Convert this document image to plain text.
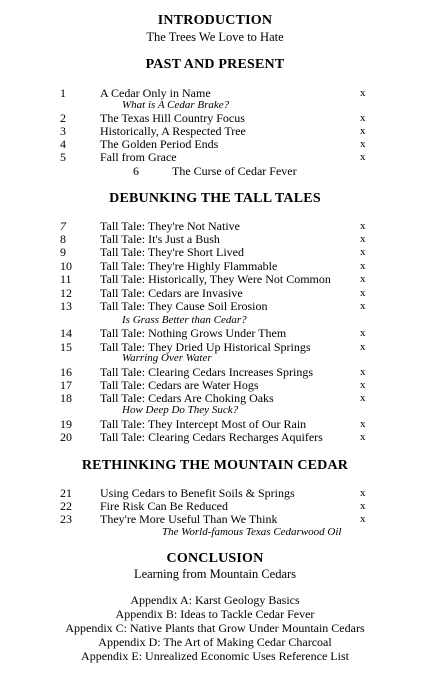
INTRODUCTION
The Trees We Love to Hate
PAST AND PRESENT
1	A Cedar Only in Name	x
What is A Cedar Brake?
2	The Texas Hill Country Focus	x
3	Historically, A Respected Tree	x
4	The Golden Period Ends	x
5	Fall from Grace	x
6	The Curse of Cedar Fever
DEBUNKING THE TALL TALES
7	Tall Tale: They're Not Native	x
8	Tall Tale: It's Just a Bush	x
9	Tall Tale: They're Short Lived	x
10 Tall Tale: They're Highly Flammable	x
11 Tall Tale: Historically, They Were Not Common	x
12 Tall Tale: Cedars are Invasive	x
13 Tall Tale: They Cause Soil Erosion	x
Is Grass Better than Cedar?
14 Tall Tale: Nothing Grows Under Them	x
15 Tall Tale: They Dried Up Historical Springs	x
Warring Over Water
16 Tall Tale: Clearing Cedars Increases Springs	x
17 Tall Tale: Cedars are Water Hogs	x
18 Tall Tale: Cedars Are Choking Oaks	x
How Deep Do They Suck?
19 Tall Tale: They Intercept Most of Our Rain	x
20 Tall Tale: Clearing Cedars Recharges Aquifers	x
RETHINKING THE MOUNTAIN CEDAR
21 Using Cedars to Benefit Soils & Springs	x
22 Fire Risk Can Be Reduced	x
23 They're More Useful Than We Think	x
The World-famous Texas Cedarwood Oil
CONCLUSION
Learning from Mountain Cedars
Appendix A: Karst Geology Basics
Appendix B: Ideas to Tackle Cedar Fever
Appendix C: Native Plants that Grow Under Mountain Cedars
Appendix D: The Art of Making Cedar Charcoal
Appendix E: Unrealized Economic Uses Reference List
